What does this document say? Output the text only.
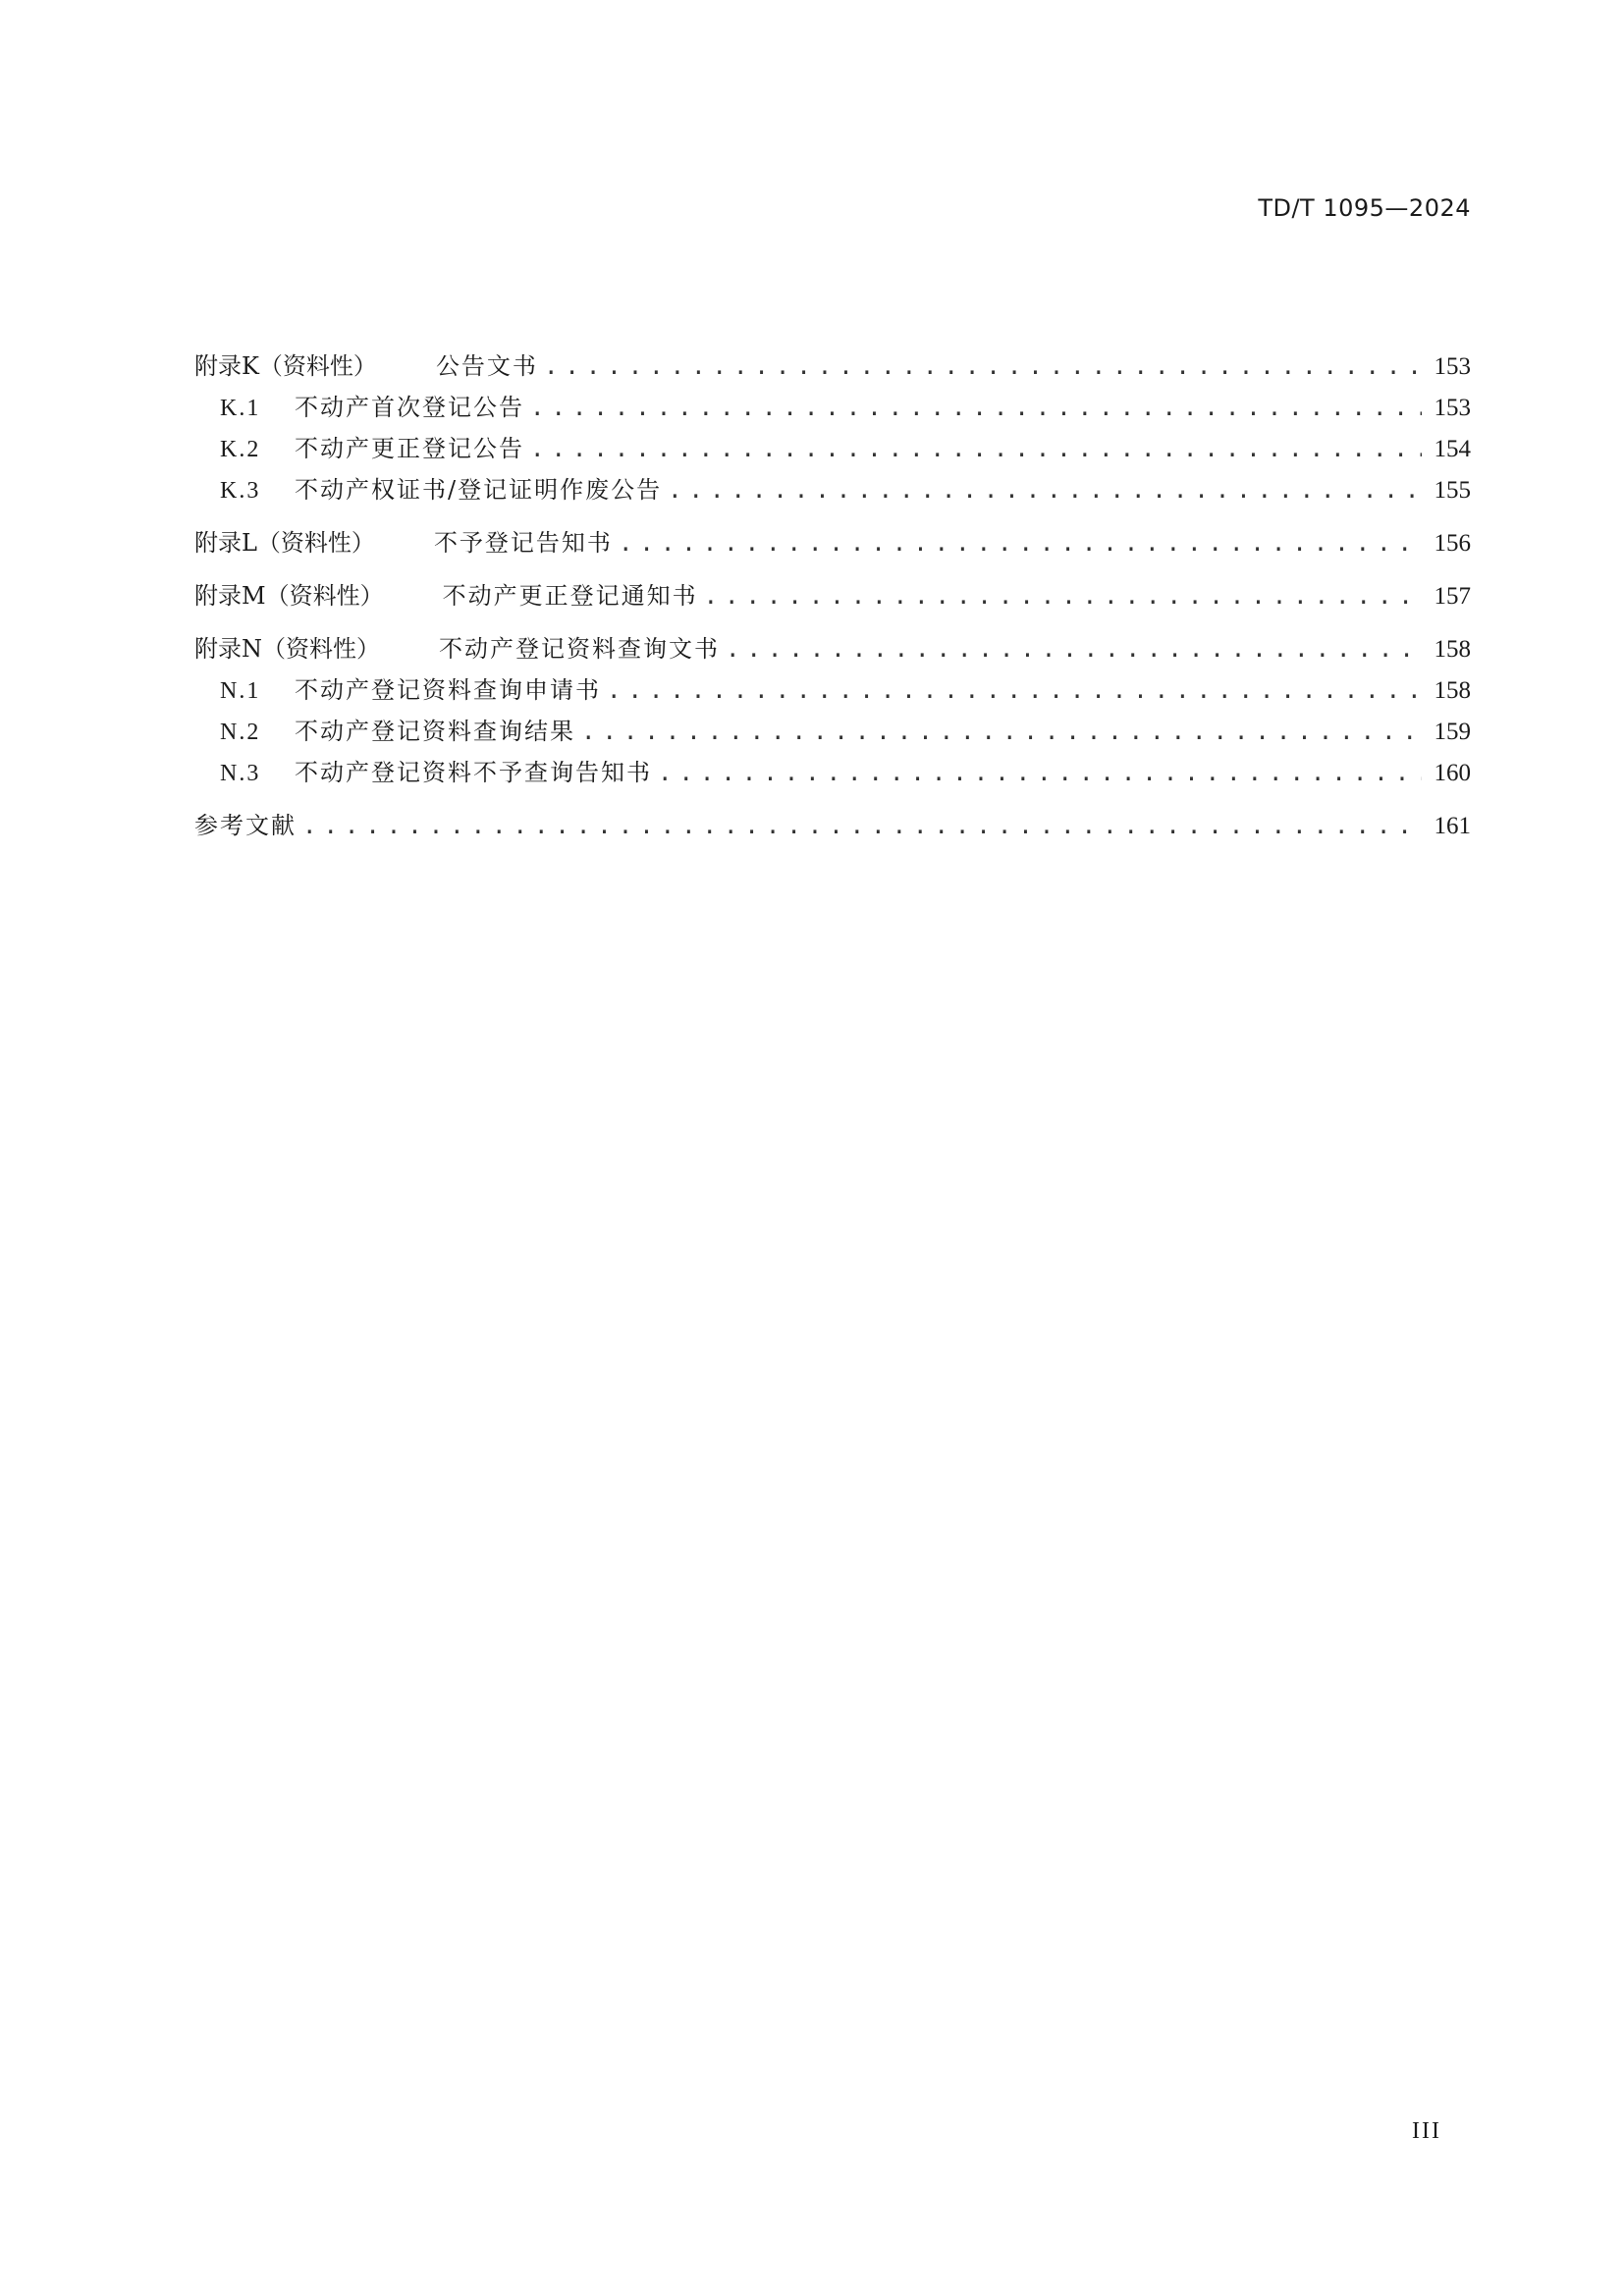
TD/T 1095—2024
附录K（资料性）	公告文书 .....	153
K.1	不动产首次登记公告 .....	153
K.2	不动产更正登记公告 .....	154
K.3	不动产权证书/登记证明作废公告 .....	155
附录L（资料性）	不予登记告知书 .....	156
附录M（资料性）	不动产更正登记通知书 .....	157
附录N（资料性）	不动产登记资料查询文书 .....	158
N.1	不动产登记资料查询申请书 .....	158
N.2	不动产登记资料查询结果 .....	159
N.3	不动产登记资料不予查询告知书 .....	160
参考文献 .....	161
III
